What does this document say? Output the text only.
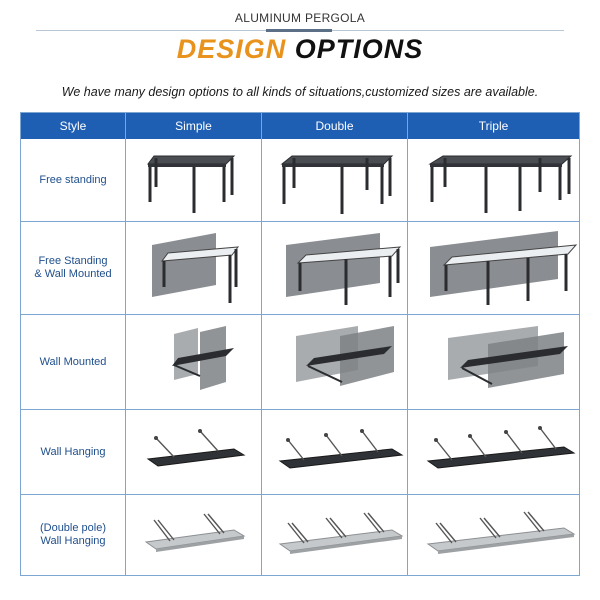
ALUMINUM PERGOLA
DESIGN OPTIONS
We have many design options to all kinds of situations,customized sizes are available.
Style	Simple	Double	Triple
Free standing
Free Standing
& Wall Mounted
Wall Mounted
Wall Hanging
(Double pole)
Wall Hanging
